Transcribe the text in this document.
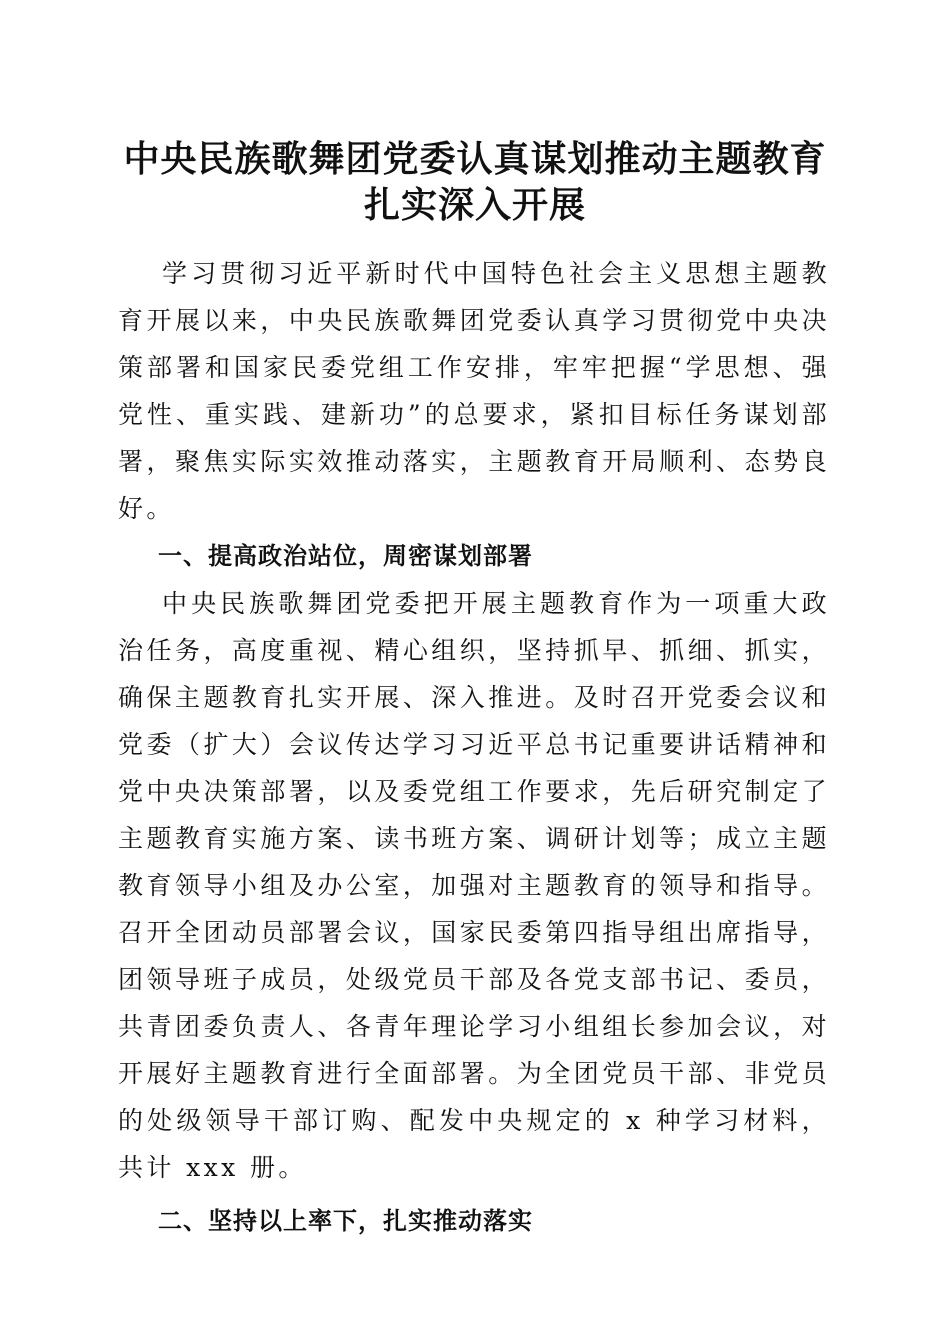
中央民族歌舞团党委认真谋划推动主题教育扎实深入开展

学习贯彻习近平新时代中国特色社会主义思想主题教育开展以来，中央民族歌舞团党委认真学习贯彻党中央决策部署和国家民委党组工作安排，牢牢把握“学思想、强党性、重实践、建新功”的总要求，紧扣目标任务谋划部署，聚焦实际实效推动落实，主题教育开局顺利、态势良好。

一、提高政治站位，周密谋划部署

中央民族歌舞团党委把开展主题教育作为一项重大政治任务，高度重视、精心组织，坚持抓早、抓细、抓实，确保主题教育扎实开展、深入推进。及时召开党委会议和党委（扩大）会议传达学习习近平总书记重要讲话精神和党中央决策部署，以及委党组工作要求，先后研究制定了主题教育实施方案、读书班方案、调研计划等；成立主题教育领导小组及办公室，加强对主题教育的领导和指导。召开全团动员部署会议，国家民委第四指导组出席指导，团领导班子成员，处级党员干部及各党支部书记、委员，共青团委负责人、各青年理论学习小组组长参加会议，对开展好主题教育进行全面部署。为全团党员干部、非党员的处级领导干部订购、配发中央规定的 x 种学习材料，共计 xxx 册。

二、坚持以上率下，扎实推动落实
